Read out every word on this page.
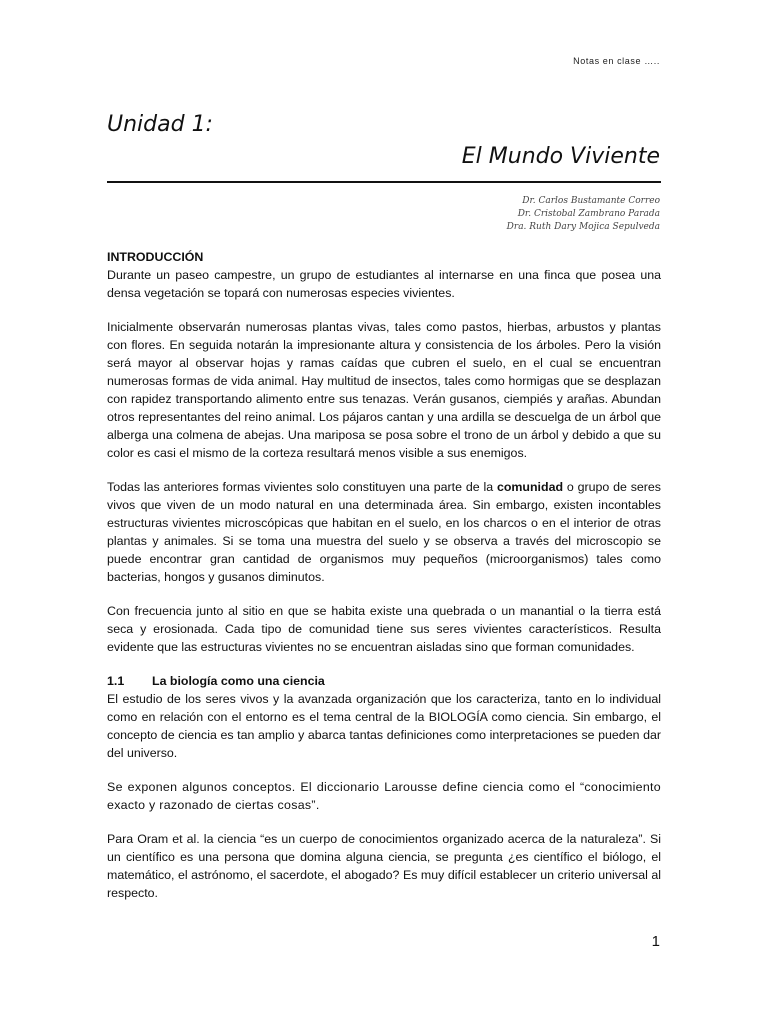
Notas en clase …..
Unidad 1:
El Mundo Viviente
Dr. Carlos Bustamante Correo
Dr. Cristobal Zambrano Parada
Dra. Ruth Dary Mojica Sepulveda
INTRODUCCIÓN

Durante un paseo campestre, un grupo de estudiantes al internarse en una finca que posea una densa vegetación se topará con numerosas especies vivientes.

Inicialmente observarán numerosas plantas vivas, tales como pastos, hierbas, arbustos y plantas con flores. En seguida notarán la impresionante altura y consistencia de los árboles. Pero la visión será mayor al observar hojas y ramas caídas que cubren el suelo, en el cual se encuentran numerosas formas de vida animal. Hay multitud de insectos, tales como hormigas que se desplazan con rapidez transportando alimento entre sus tenazas. Verán gusanos, ciempiés y arañas. Abundan otros representantes del reino animal. Los pájaros cantan y una ardilla se descuelga de un árbol que alberga una colmena de abejas. Una mariposa se posa sobre el trono de un árbol y debido a que su color es casi el mismo de la corteza resultará menos visible a sus enemigos.

Todas las anteriores formas vivientes solo constituyen una parte de la comunidad o grupo de seres vivos que viven de un modo natural en una determinada área. Sin embargo, existen incontables estructuras vivientes microscópicas que habitan en el suelo, en los charcos o en el interior de otras plantas y animales. Si se toma una muestra del suelo y se observa a través del microscopio se puede encontrar gran cantidad de organismos muy pequeños (microorganismos) tales como bacterias, hongos y gusanos diminutos.

Con frecuencia junto al sitio en que se habita existe una quebrada o un manantial o la tierra está seca y erosionada. Cada tipo de comunidad tiene sus seres vivientes característicos. Resulta evidente que las estructuras vivientes no se encuentran aisladas sino que forman comunidades.

1.1	La biología como una ciencia

El estudio de los seres vivos y la avanzada organización que los caracteriza, tanto en lo individual como en relación con el entorno es el tema central de la BIOLOGÍA como ciencia. Sin embargo, el concepto de ciencia es tan amplio y abarca tantas definiciones como interpretaciones se pueden dar del universo.

Se exponen algunos conceptos. El diccionario Larousse define ciencia como el “conocimiento exacto y razonado de ciertas cosas”.

Para Oram et al. la ciencia “es un cuerpo de conocimientos organizado acerca de la naturaleza”. Si un científico es una persona que domina alguna ciencia, se pregunta ¿es científico el biólogo, el matemático, el astrónomo, el sacerdote, el abogado? Es muy difícil establecer un criterio universal al respecto.

1
